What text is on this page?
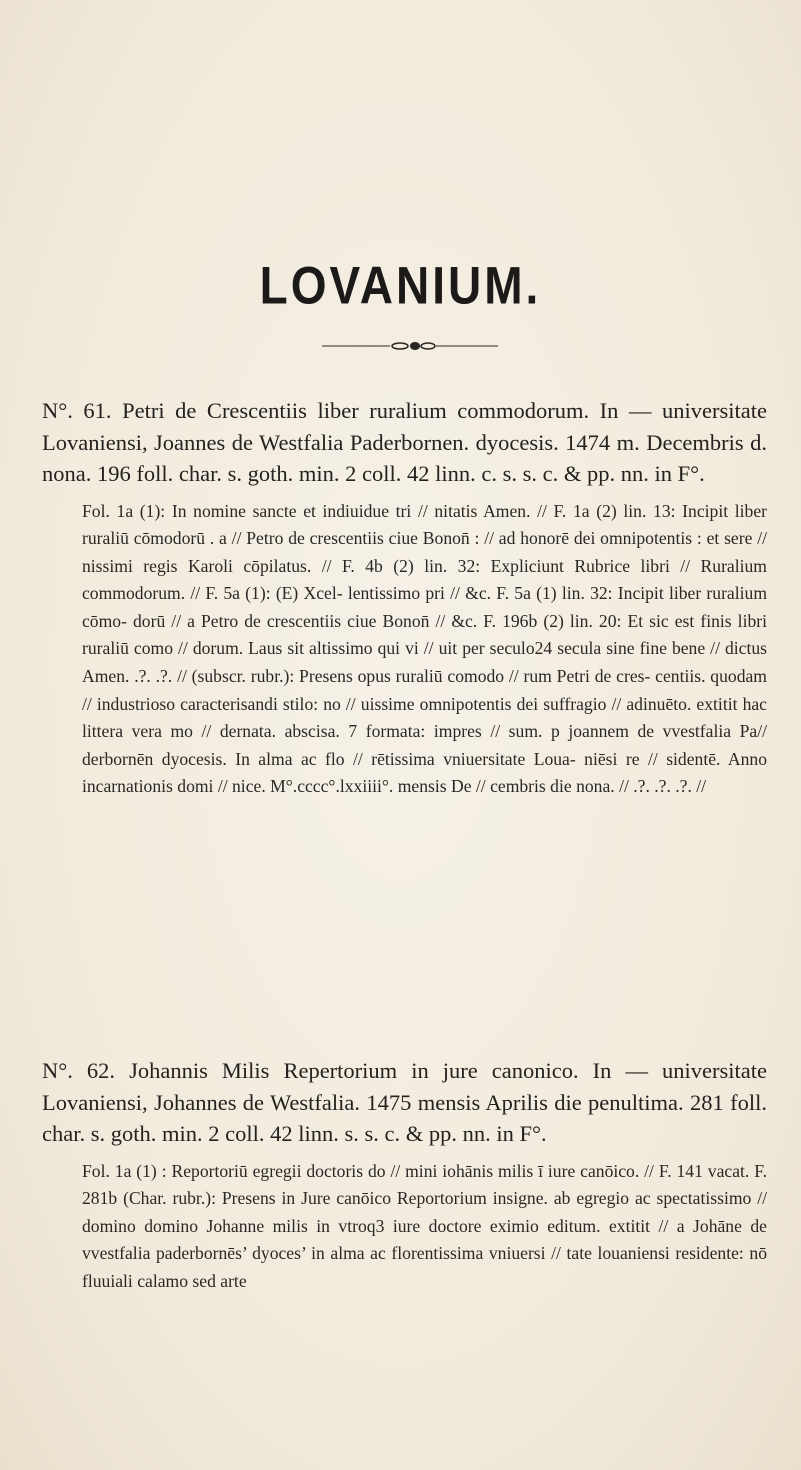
LOVANIUM.
N°. 61. Petri de Crescentiis liber ruralium commodorum. In — universitate Lovaniensi, Joannes de Westfalia Paderbornen. dyocesis. 1474 m. Decembris d. nona. 196 foll. char. s. goth. min. 2 coll. 42 linn. c. s. s. c. & pp. nn. in F°.

Fol. 1a (1): In nomine sancte et indiuidue tri // nitatis Amen. // F. 1a (2) lin. 13: Incipit liber ruraliū cōmodorū . a // Petro de crescentiis ciue Bonon̄ : // ad honorē dei omnipotentis : et sere // nissimi regis Karoli cōpilatus. // F. 4b (2) lin. 32: Expliciunt Rubrice libri // Ruralium commodorum. // F. 5a (1): (E) Xcel- lentissimo pri // &c. F. 5a (1) lin. 32: Incipit liber ruralium cōmo- dorū // a Petro de crescentiis ciue Bonon̄ // &c. F. 196b (2) lin. 20: Et sic est finis libri ruraliū como // dorum. Laus sit altissimo qui vi // uit per seculo24 secula sine fine bene // dictus Amen. .?. .?. // (subscr. rubr.): Presens opus ruraliū comodo // rum Petri de cres- centiis. quodam // industrioso caracterisandi stilo: no // uissime omnipotentis dei suffragio // adinuēto. extitit hac littera vera mo // dernata. abscisa. 7 formata: impres // sum. p joannem de vvestfalia Pa// derbornēn dyocesis. In alma ac flo // rētissima vniuersitate Loua- niēsi re // sidentē. Anno incarnationis domi // nice. M°.cccc°.lxxiiii°. mensis De // cembris die nona. // .?. .?. .?. //

N°. 62. Johannis Milis Repertorium in jure canonico. In — universitate Lovaniensi, Johannes de Westfalia. 1475 mensis Aprilis die penultima. 281 foll. char. s. goth. min. 2 coll. 42 linn. s. s. c. & pp. nn. in F°.

Fol. 1a (1) : Reportoriū egregii doctoris do // mini iohānis milis ī iure canōico. // F. 141 vacat. F. 281b (Char. rubr.): Presens in Jure canōico Reportorium insigne. ab egregio ac spectatissimo // domino domino Johanne milis in vtroq3 iure doctore eximio editum. extitit // a Johāne de vvestfalia paderbornēs’ dyoces’ in alma ac florentissima vniuersi // tate louaniensi residente: nō fluuiali calamo sed arte
